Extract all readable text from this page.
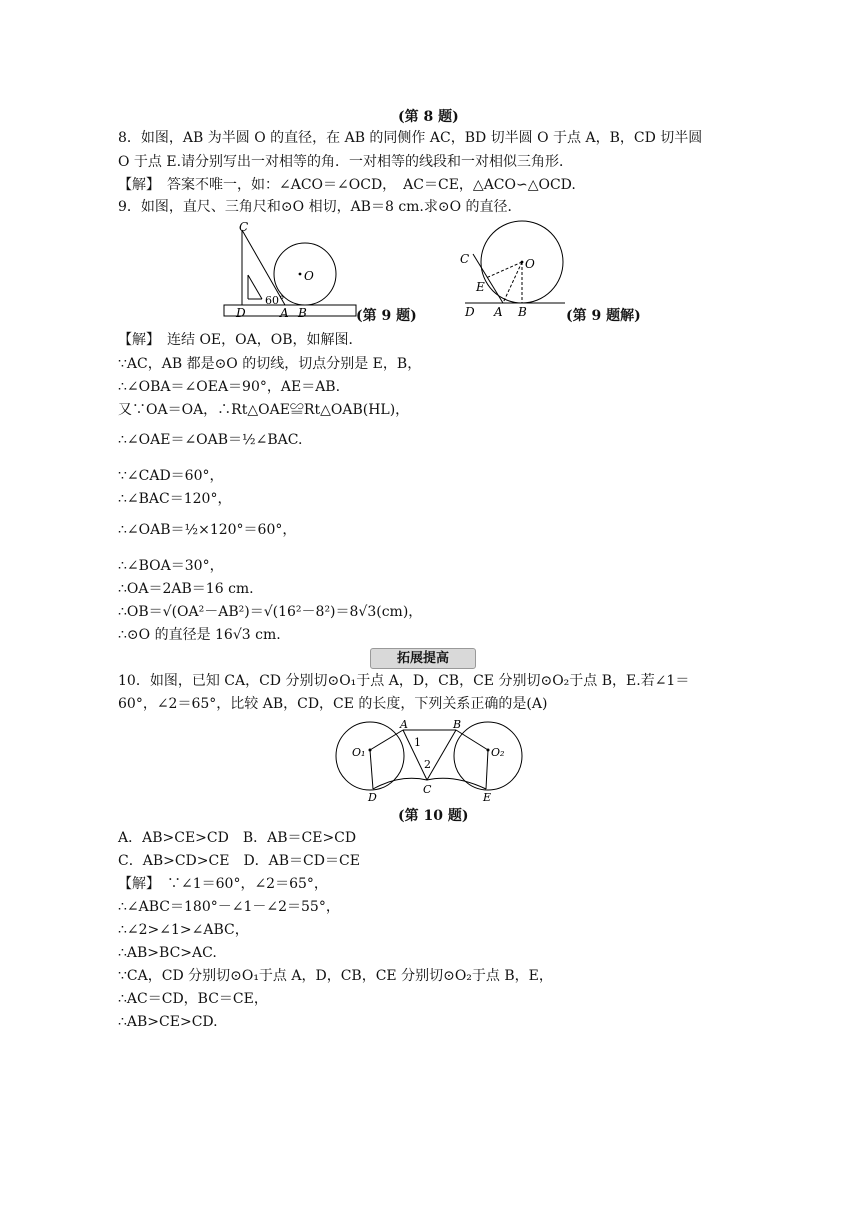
(第 8 题)
8．如图，AB 为半圆 O 的直径，在 AB 的同侧作 AC，BD 切半圆 O 于点 A，B，CD 切半圆
O 于点 E.请分别写出一对相等的角．一对相等的线段和一对相似三角形．
【解】　答案不唯一，如：∠ACO＝∠OCD，　AC＝CE，△ACO∽△OCD.
9．如图，直尺、三角尺和⊙O 相切，AB＝8 cm.求⊙O 的直径．
C
O
60°
D	A B	(第 9 题)
C	O
E
D A B	(第 9 题解)
【解】　连结 OE，OA，OB，如解图．
∵AC，AB 都是⊙O 的切线，切点分别是 E，B，
∴∠OBA＝∠OEA＝90°，AE＝AB.
又∵OA＝OA，∴Rt△OAE≌Rt△OAB(HL)，
∴∠OAE＝∠OAB＝½∠BAC.
∵∠CAD＝60°，
∴∠BAC＝120°，
∴∠OAB＝½×120°＝60°，
∴∠BOA＝30°，
∴OA＝2AB＝16 cm.
∴OB＝√(OA²－AB²)＝√(16²－8²)＝8√3(cm)，
∴⊙O 的直径是 16√3 cm.
拓展提高
10．如图，已知 CA，CD 分别切⊙O₁于点 A，D，CB，CE 分别切⊙O₂于点 B，E.若∠1＝
60°，∠2＝65°，比较 AB，CD，CE 的长度，下列关系正确的是(A)
A	B
C
D	E
O₁	O₂
1
2
(第 10 题)
A．AB>CE>CD　B．AB＝CE>CD
C．AB>CD>CE　D．AB＝CD＝CE
【解】　∵∠1＝60°，∠2＝65°，
∴∠ABC＝180°－∠1－∠2＝55°，
∴∠2>∠1>∠ABC，
∴AB>BC>AC.
∵CA，CD 分别切⊙O₁于点 A，D，CB，CE 分别切⊙O₂于点 B，E，
∴AC＝CD，BC＝CE，
∴AB>CE>CD.
